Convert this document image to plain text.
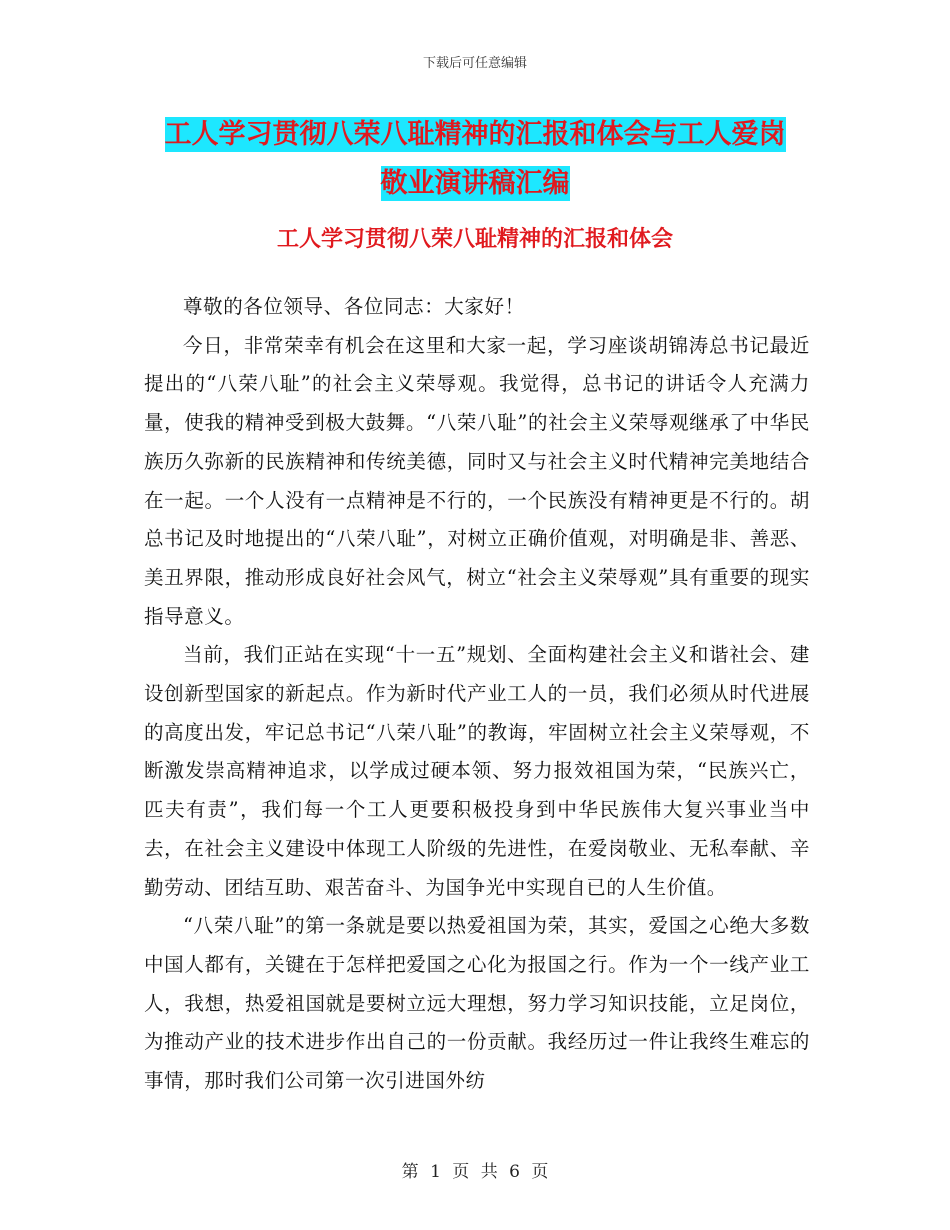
下载后可任意编辑
工人学习贯彻八荣八耻精神的汇报和体会与工人爱岗
敬业演讲稿汇编
工人学习贯彻八荣八耻精神的汇报和体会

尊敬的各位领导、各位同志：大家好！

今日，非常荣幸有机会在这里和大家一起，学习座谈胡锦涛总书记最近提出的“八荣八耻”的社会主义荣辱观。我觉得，总书记的讲话令人充满力量，使我的精神受到极大鼓舞。“八荣八耻”的社会主义荣辱观继承了中华民族历久弥新的民族精神和传统美德，同时又与社会主义时代精神完美地结合在一起。一个人没有一点精神是不行的，一个民族没有精神更是不行的。胡总书记及时地提出的“八荣八耻”，对树立正确价值观，对明确是非、善恶、美丑界限，推动形成良好社会风气，树立“社会主义荣辱观”具有重要的现实指导意义。

当前，我们正站在实现“十一五”规划、全面构建社会主义和谐社会、建设创新型国家的新起点。作为新时代产业工人的一员，我们必须从时代进展的高度出发，牢记总书记“八荣八耻”的教诲，牢固树立社会主义荣辱观，不断激发崇高精神追求，以学成过硬本领、努力报效祖国为荣，“民族兴亡，匹夫有责”，我们每一个工人更要积极投身到中华民族伟大复兴事业当中去，在社会主义建设中体现工人阶级的先进性，在爱岗敬业、无私奉献、辛勤劳动、团结互助、艰苦奋斗、为国争光中实现自已的人生价值。

“八荣八耻”的第一条就是要以热爱祖国为荣，其实，爱国之心绝大多数中国人都有，关键在于怎样把爱国之心化为报国之行。作为一个一线产业工人，我想，热爱祖国就是要树立远大理想，努力学习知识技能，立足岗位，为推动产业的技术进步作出自己的一份贡献。我经历过一件让我终生难忘的事情，那时我们公司第一次引进国外纺

第 1 页 共 6 页
